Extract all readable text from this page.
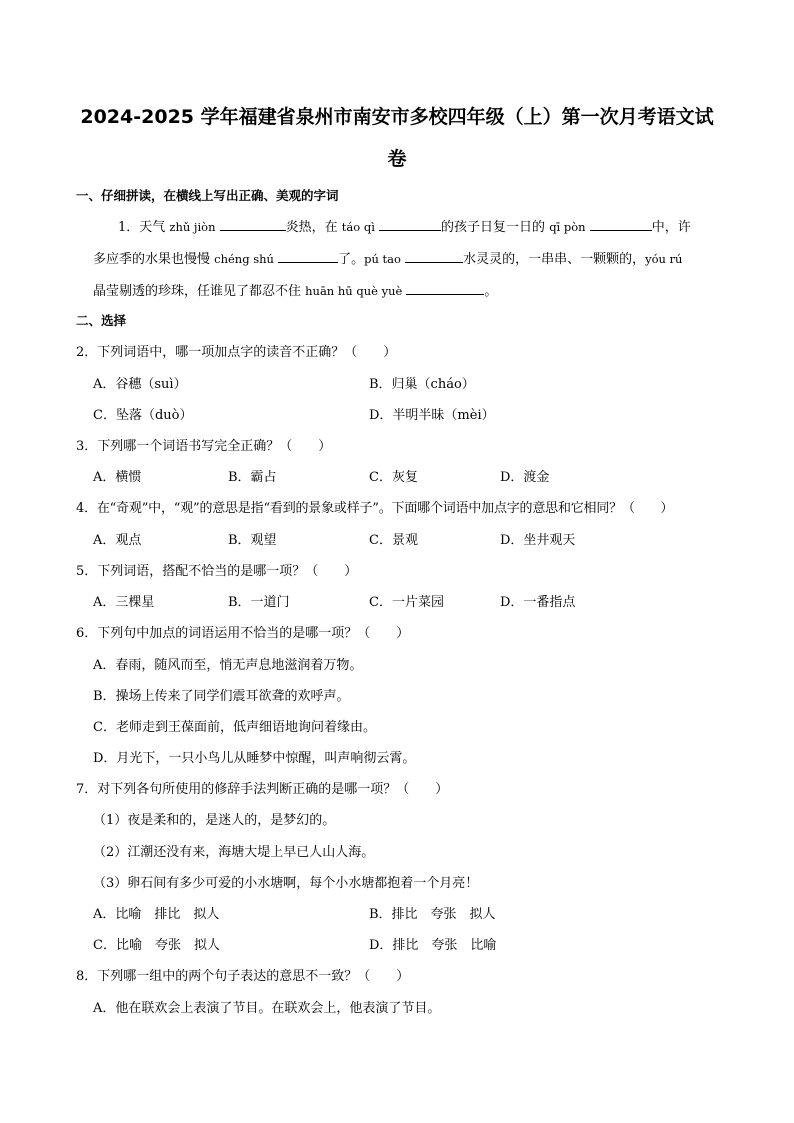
2024-2025 学年福建省泉州市南安市多校四年级（上）第一次月考语文试
卷
一、仔细拼读，在横线上写出正确、美观的字词
1．天气 zhǔ jiòn	炎热，在 táo qì	的孩子日复一日的 qī pòn	中，许
多应季的水果也慢慢 chéng shú	了。pú tao	水灵灵的，一串串、一颗颗的，yóu rú
晶莹剔透的珍珠，任谁见了都忍不住 huān hū què yuè	。
二、选择
2．下列词语中，哪一项加点字的读音不正确？（　　）
A．谷穗（suì）	B．归巢（cháo）
C．坠落（duò）	D．半明半昧（mèi）
3．下列哪一个词语书写完全正确？（　　）
A．横惯	B．霸占	C．灰复	D．渡金
4．在“奇观”中，“观”的意思是指“看到的景象或样子”。下面哪个词语中加点字的意思和它相同？（　　）
A．观点	B．观望	C．景观	D．坐井观天
5．下列词语，搭配不恰当的是哪一项？（　　）
A．三棵星	B．一道门	C．一片菜园	D．一番指点
6．下列句中加点的词语运用不恰当的是哪一项？（　　）
A．春雨，随风而至，悄无声息地滋润着万物。
B．操场上传来了同学们震耳欲聋的欢呼声。
C．老师走到王葆面前，低声细语地询问着缘由。
D．月光下，一只小鸟儿从睡梦中惊醒，叫声响彻云霄。
7．对下列各句所使用的修辞手法判断正确的是哪一项？（　　）
（1）夜是柔和的，是迷人的，是梦幻的。
（2）江潮还没有来，海塘大堤上早已人山人海。
（3）卵石间有多少可爱的小水塘啊，每个小水塘都抱着一个月亮！
A．比喻　排比　拟人	B．排比　夸张　拟人
C．比喻　夸张　拟人	D．排比　夸张　比喻
8．下列哪一组中的两个句子表达的意思不一致？（　　）
A．他在联欢会上表演了节目。在联欢会上，他表演了节目。
